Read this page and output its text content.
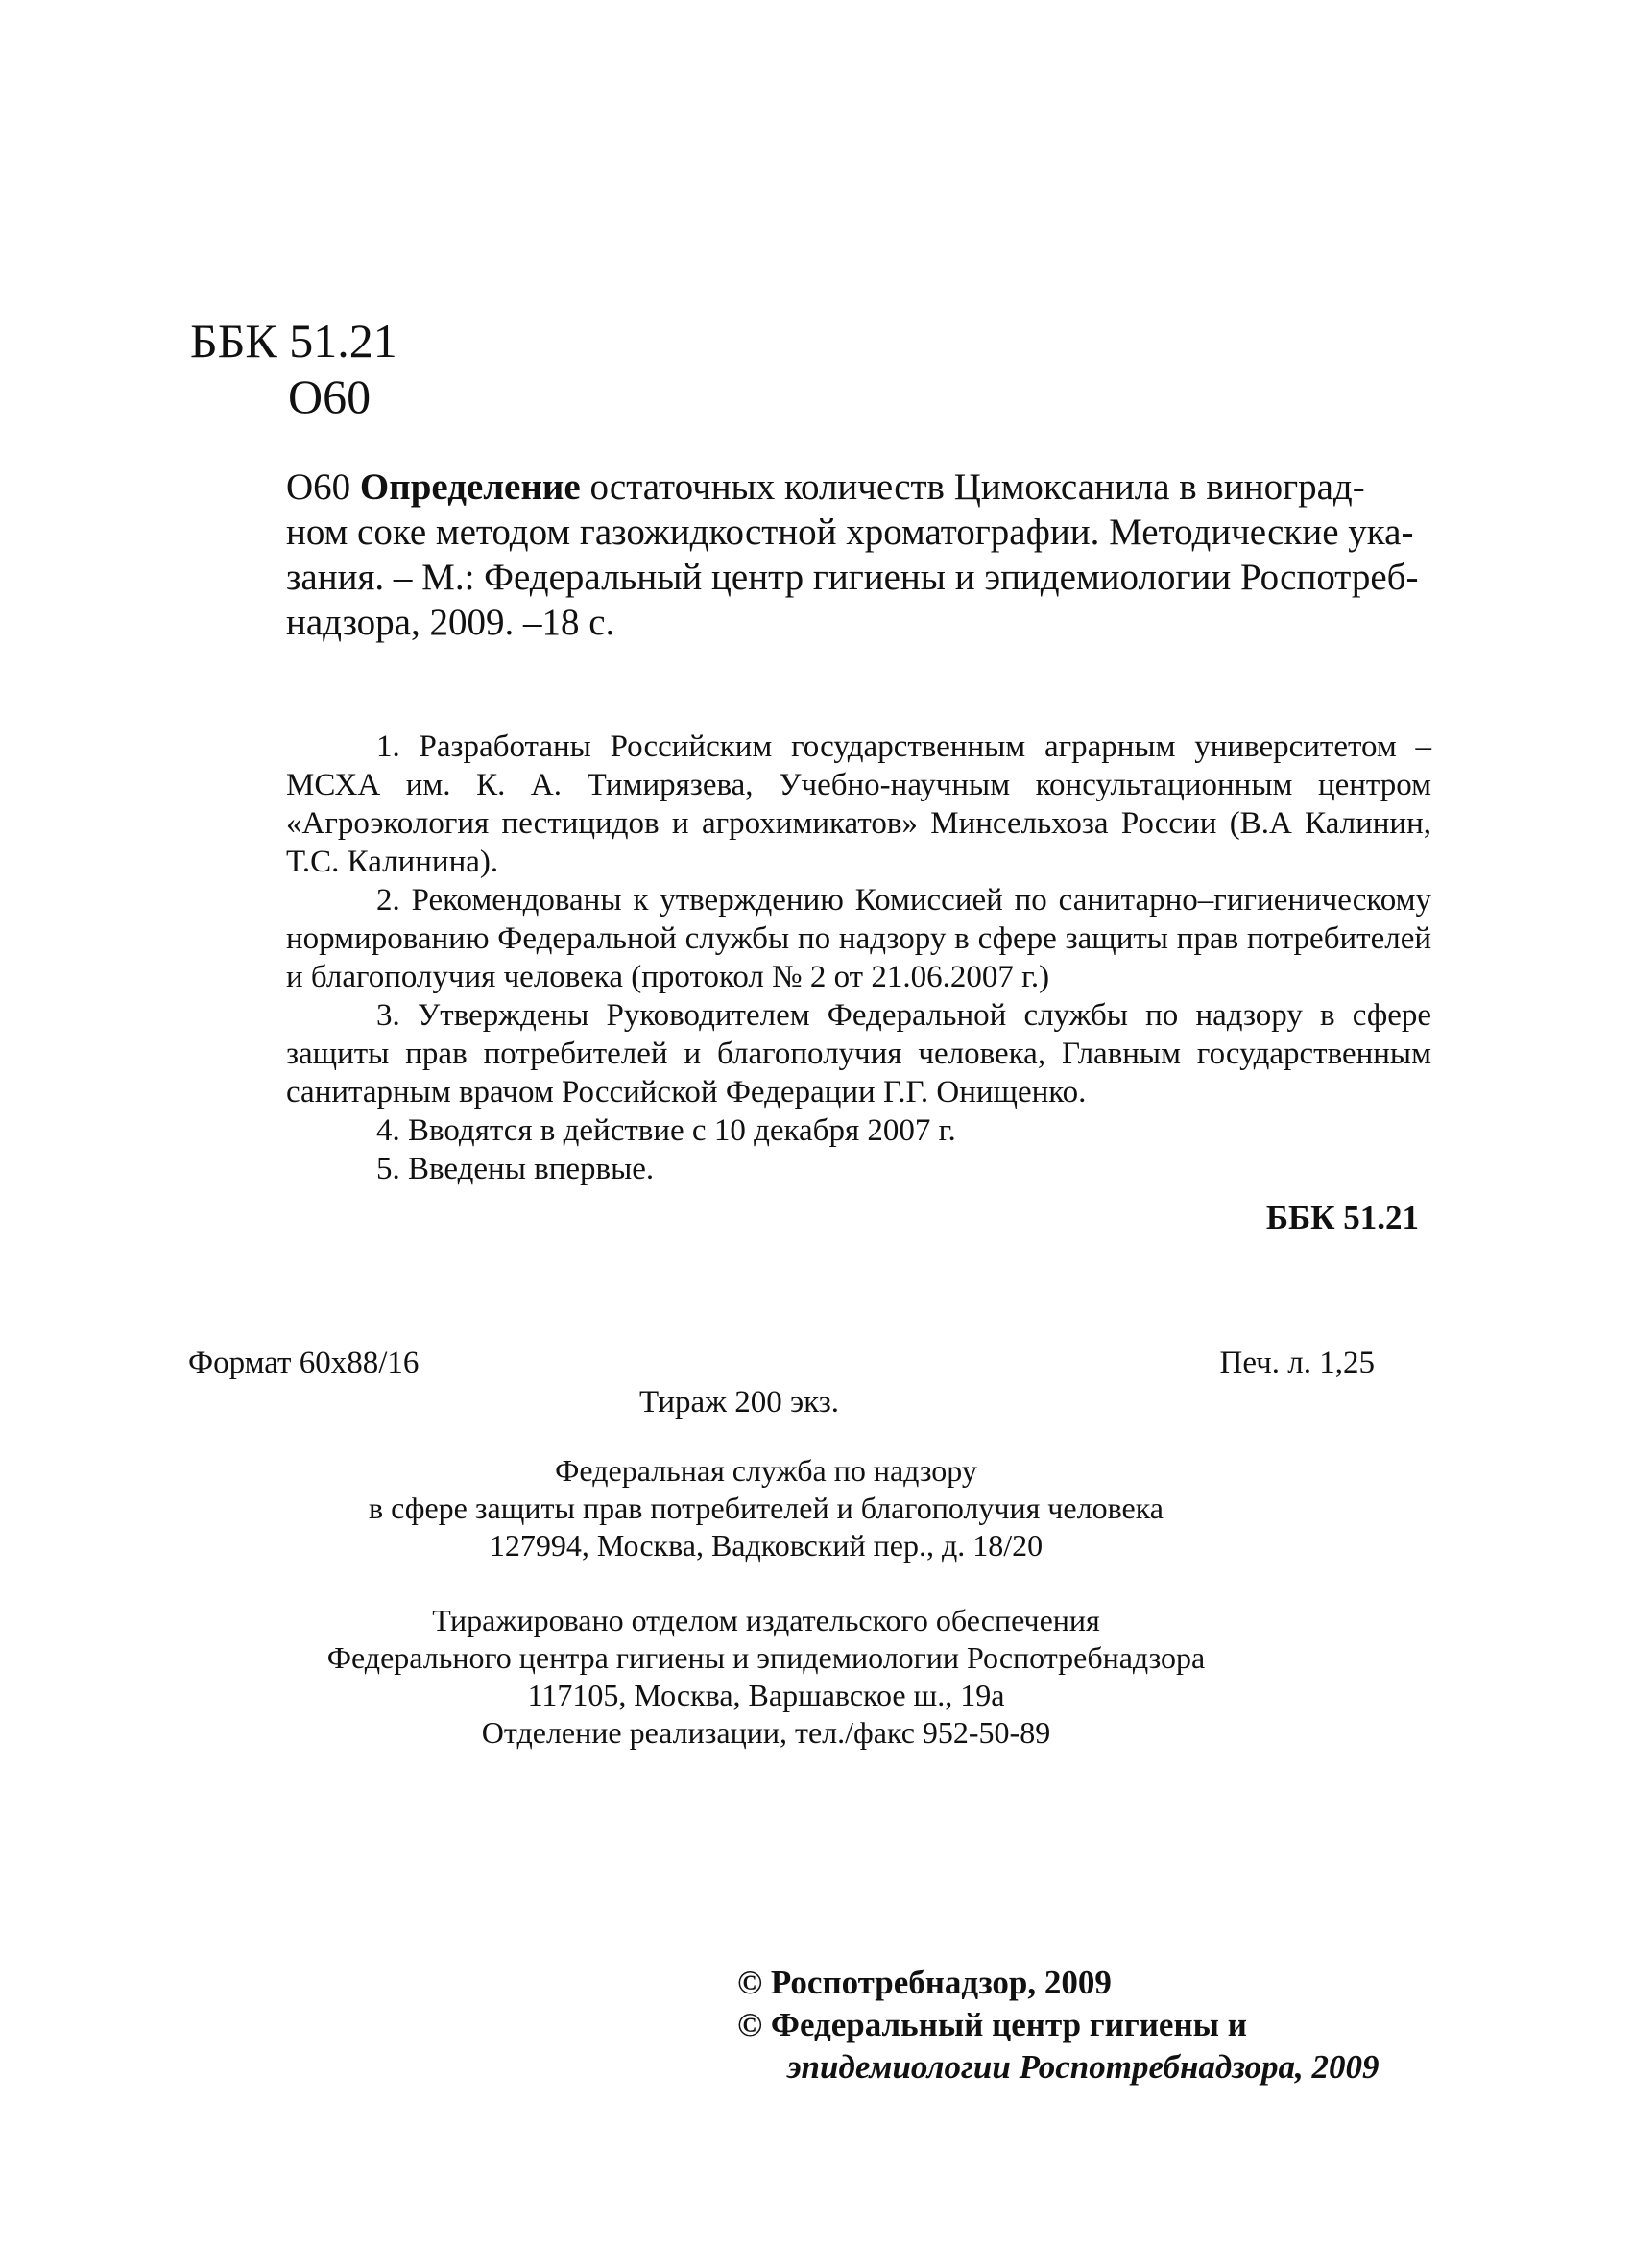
ББК 51.21
О60

О60 Определение остаточных количеств Цимоксанила в виноград-

ном соке методом газожидкостной хроматографии. Методические ука-

зания. – М.: Федеральный центр гигиены и эпидемиологии Роспотреб-

надзора, 2009. –18 с.

1. Разработаны Российским государственным аграрным университетом – МСХА им. К. А. Тимирязева, Учебно-научным консультационным центром «Агроэкология пестицидов и агрохимикатов» Минсельхоза России (В.А Калинин, Т.С. Калинина).

2. Рекомендованы к утверждению Комиссией по санитарно–гигиеническому нормированию Федеральной службы по надзору в сфере защиты прав потребителей и благополучия человека (протокол № 2 от 21.06.2007 г.)

3. Утверждены Руководителем Федеральной службы по надзору в сфере защиты прав потребителей и благополучия человека, Главным государственным санитарным врачом Российской Федерации Г.Г. Онищенко.

4. Вводятся в действие с 10 декабря 2007 г.

5. Введены впервые.

ББК 51.21
Формат 60х88/16	Печ. л. 1,25
Тираж 200 экз.
Федеральная служба по надзору
в сфере защиты прав потребителей и благополучия человека
127994, Москва, Вадковский пер., д. 18/20
Тиражировано отделом издательского обеспечения
Федерального центра гигиены и эпидемиологии Роспотребнадзора
117105, Москва, Варшавское ш., 19а
Отделение реализации, тел./факс 952-50-89
© Роспотребнадзор, 2009
© Федеральный центр гигиены и
эпидемиологии Роспотребнадзора, 2009
